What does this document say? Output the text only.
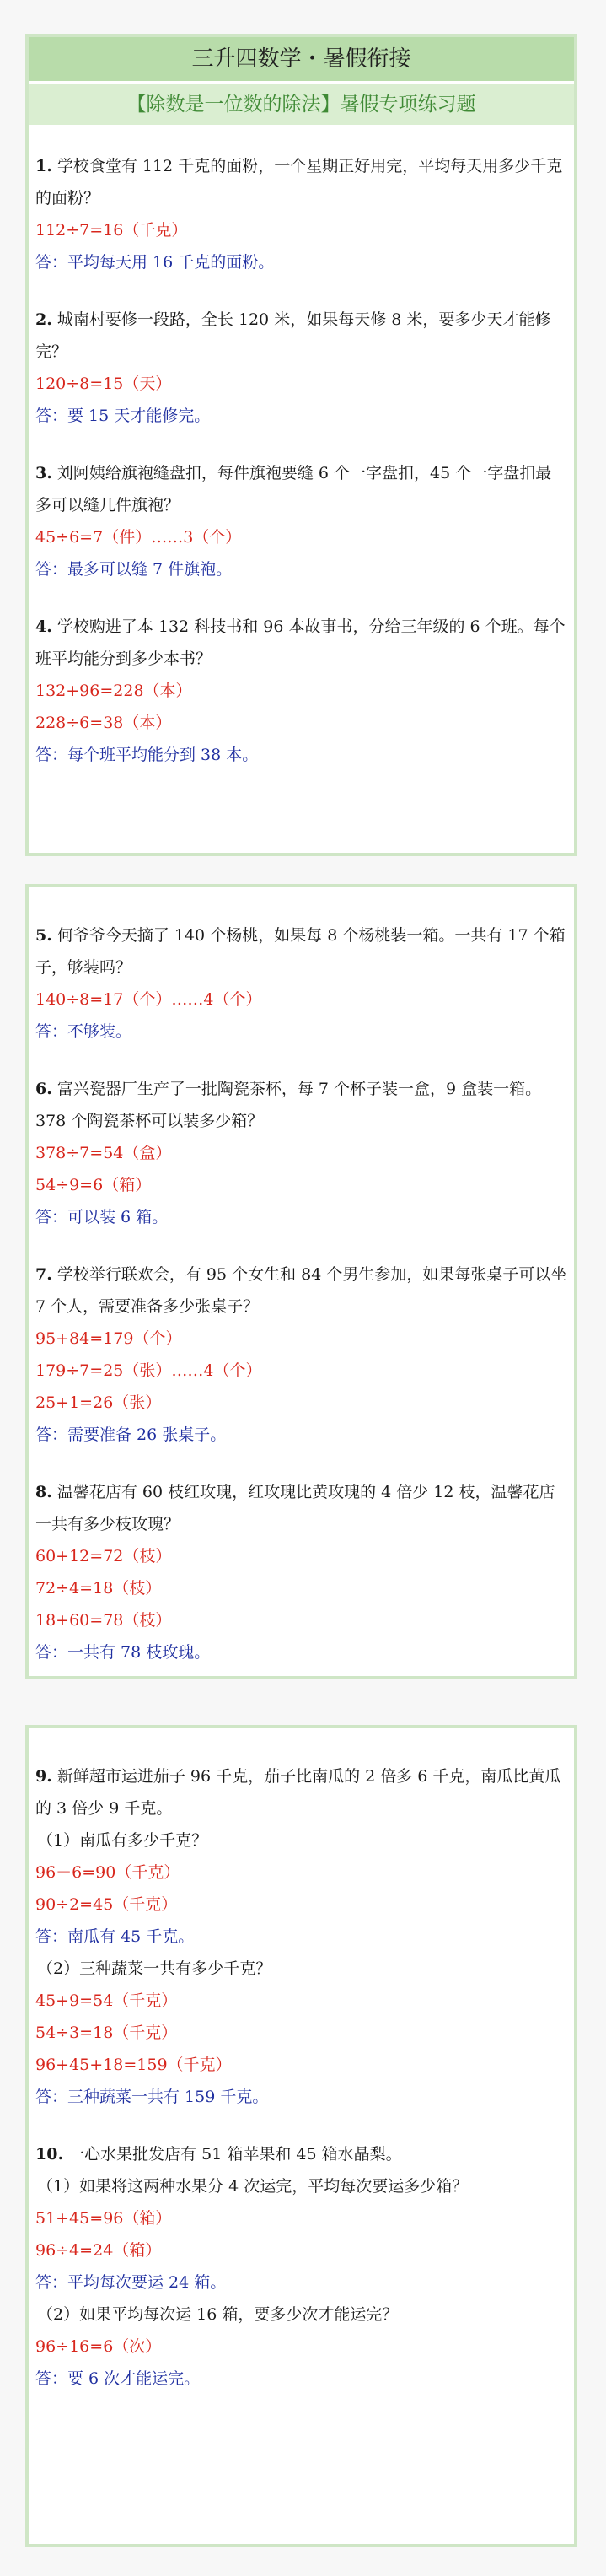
三升四数学・暑假衔接
【除数是一位数的除法】暑假专项练习题
1. 学校食堂有 112 千克的面粉，一个星期正好用完，平均每天用多少千克的面粉？
112÷7=16（千克）
答：平均每天用 16 千克的面粉。
2. 城南村要修一段路，全长 120 米，如果每天修 8 米，要多少天才能修完？
120÷8=15（天）
答：要 15 天才能修完。
3. 刘阿姨给旗袍缝盘扣，每件旗袍要缝 6 个一字盘扣，45 个一字盘扣最多可以缝几件旗袍？
45÷6=7（件）……3（个）
答：最多可以缝 7 件旗袍。
4. 学校购进了本 132 科技书和 96 本故事书，分给三年级的 6 个班。每个班平均能分到多少本书？
132+96=228（本）
228÷6=38（本）
答：每个班平均能分到 38 本。
5. 何爷爷今天摘了 140 个杨桃，如果每 8 个杨桃装一箱。一共有 17 个箱子，够装吗？
140÷8=17（个）……4（个）
答：不够装。
6. 富兴瓷器厂生产了一批陶瓷茶杯，每 7 个杯子装一盒，9 盒装一箱。378 个陶瓷茶杯可以装多少箱？
378÷7=54（盒）
54÷9=6（箱）
答：可以装 6 箱。
7. 学校举行联欢会，有 95 个女生和 84 个男生参加，如果每张桌子可以坐 7 个人，需要准备多少张桌子？
95+84=179（个）
179÷7=25（张）……4（个）
25+1=26（张）
答：需要准备 26 张桌子。
8. 温馨花店有 60 枝红玫瑰，红玫瑰比黄玫瑰的 4 倍少 12 枝，温馨花店一共有多少枝玫瑰？
60+12=72（枝）
72÷4=18（枝）
18+60=78（枝）
答：一共有 78 枝玫瑰。
9. 新鲜超市运进茄子 96 千克，茄子比南瓜的 2 倍多 6 千克，南瓜比黄瓜的 3 倍少 9 千克。
（1）南瓜有多少千克？
96－6=90（千克）
90÷2=45（千克）
答：南瓜有 45 千克。
（2）三种蔬菜一共有多少千克？
45+9=54（千克）
54÷3=18（千克）
96+45+18=159（千克）
答：三种蔬菜一共有 159 千克。
10. 一心水果批发店有 51 箱苹果和 45 箱水晶梨。
（1）如果将这两种水果分 4 次运完，平均每次要运多少箱？
51+45=96（箱）
96÷4=24（箱）
答：平均每次要运 24 箱。
（2）如果平均每次运 16 箱，要多少次才能运完？
96÷16=6（次）
答：要 6 次才能运完。
